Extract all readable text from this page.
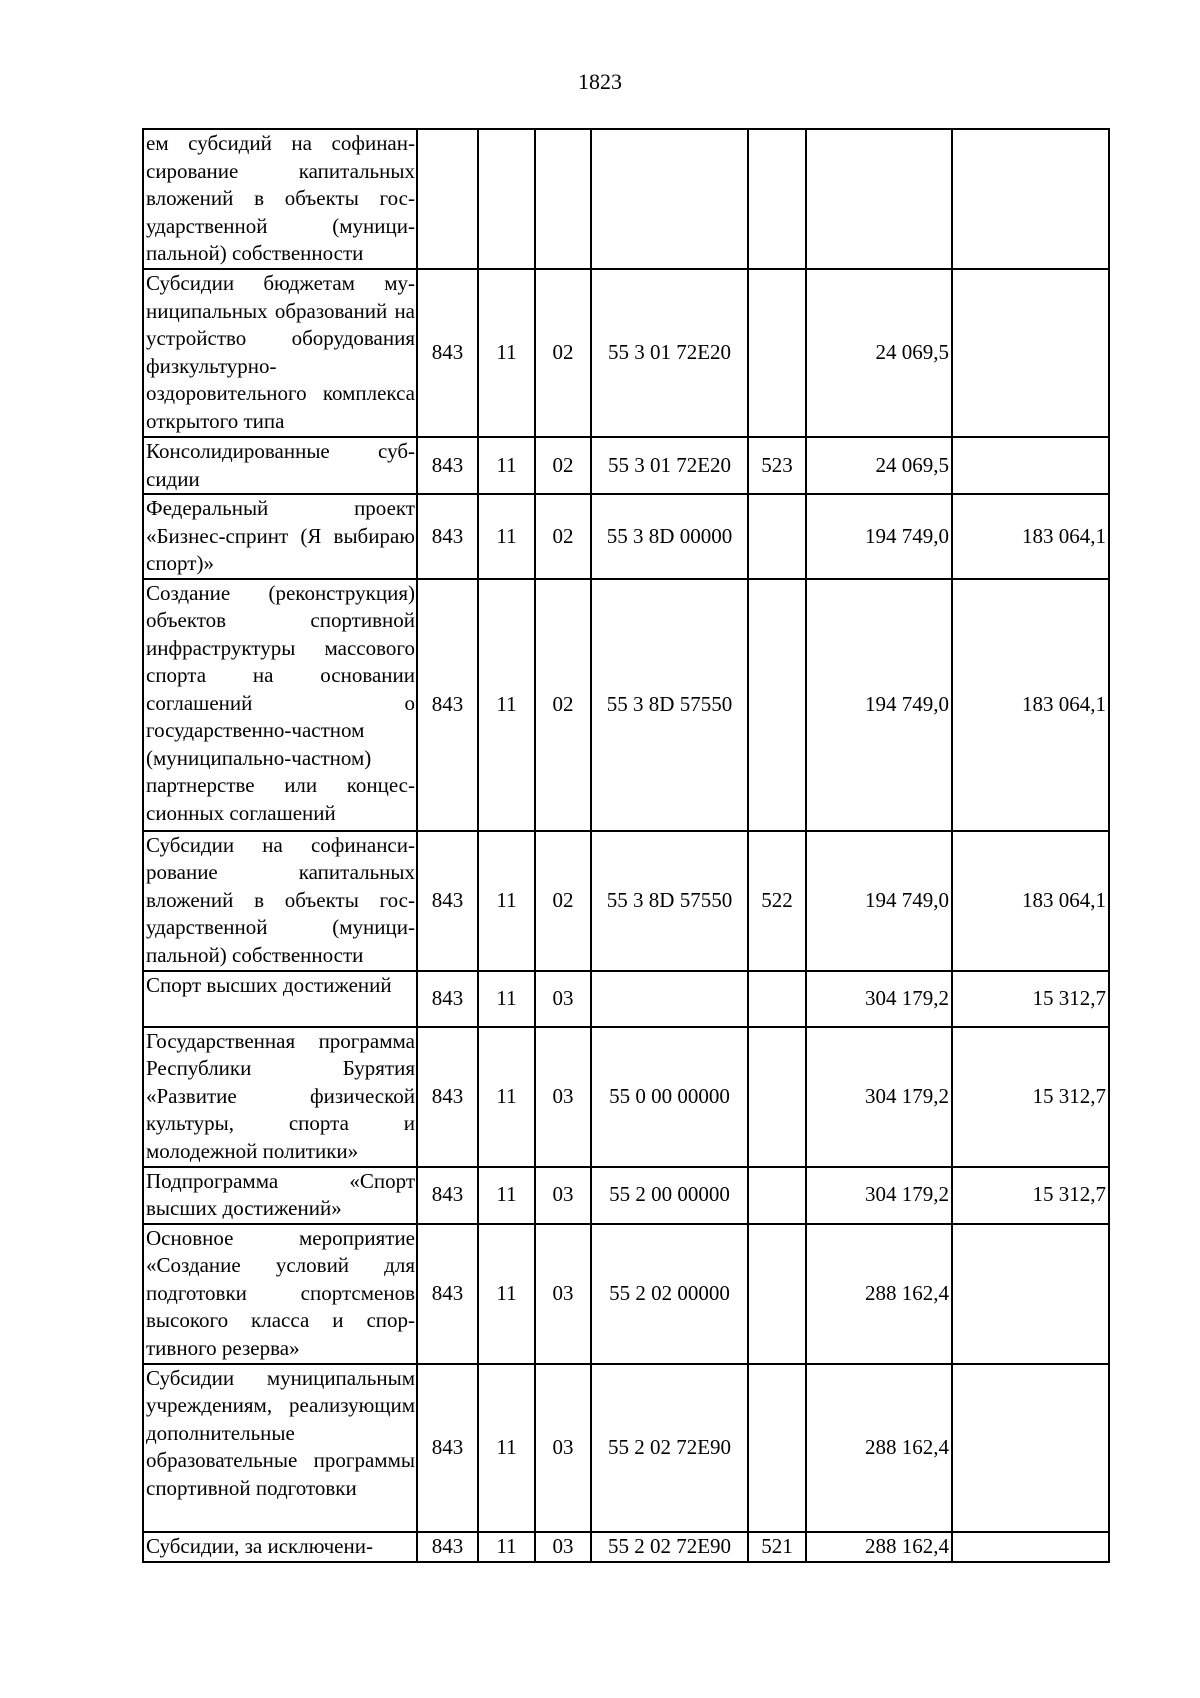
1823
ем субсидий на софинансирование капитальных вложений в объекты государственной (муниципальной) собственности							
Субсидии бюджетам муниципальных образований на устройство оборудования физкультурно-оздоровительного комплекса открытого типа	843	11	02	55 3 01 72Е20		24 069,5	
Консолидированные субсидии	843	11	02	55 3 01 72Е20	523	24 069,5	
Федеральный проект «Бизнес-спринт (Я выбираю спорт)»	843	11	02	55 3 8D 00000		194 749,0	183 064,1
Создание (реконструкция) объектов спортивной инфраструктуры массового спорта на основании соглашений о государственно-частном (муниципально-частном) партнерстве или концессионных соглашений	843	11	02	55 3 8D 57550		194 749,0	183 064,1
Субсидии на софинансирование капитальных вложений в объекты государственной (муниципальной) собственности	843	11	02	55 3 8D 57550	522	194 749,0	183 064,1
Спорт высших достижений	843	11	03			304 179,2	15 312,7
Государственная программа Республики Бурятия «Развитие физической культуры, спорта и молодежной политики»	843	11	03	55 0 00 00000		304 179,2	15 312,7
Подпрограмма «Спорт высших достижений»	843	11	03	55 2 00 00000		304 179,2	15 312,7
Основное мероприятие «Создание условий для подготовки спортсменов высокого класса и спортивного резерва»	843	11	03	55 2 02 00000		288 162,4	
Субсидии муниципальным учреждениям, реализующим дополнительные образовательные программы спортивной подготовки	843	11	03	55 2 02 72Е90		288 162,4	
Субсидии, за исключени-	843	11	03	55 2 02 72Е90	521	288 162,4	
